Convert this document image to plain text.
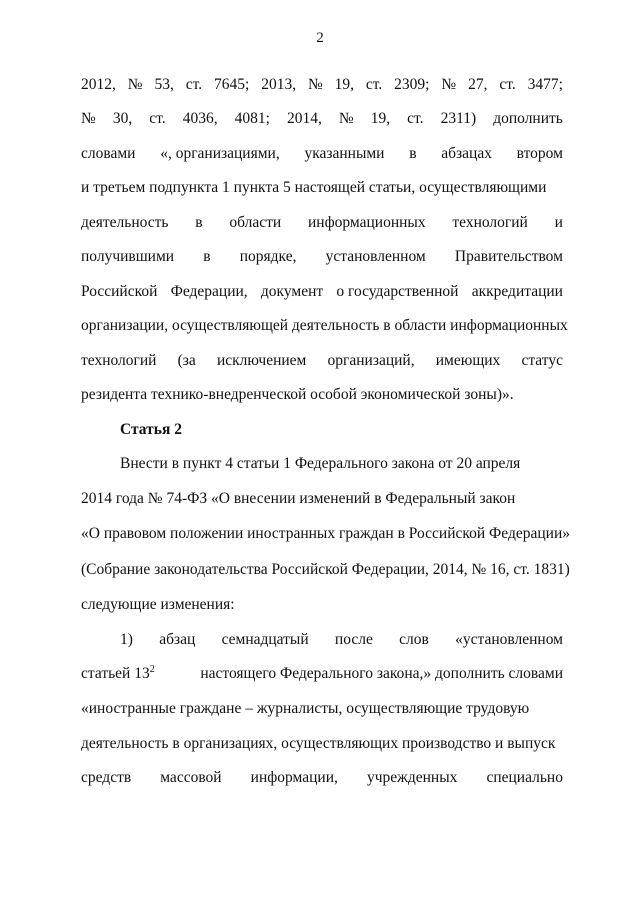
2
2012, № 53, ст. 7645; 2013, № 19, ст. 2309; № 27, ст. 3477;
№ 30, ст. 4036, 4081; 2014, № 19, ст. 2311) дополнить
словами «, организациями, указанными в абзацах втором
и третьем подпункта 1 пункта 5 настоящей статьи, осуществляющими
деятельность в области информационных технологий и
получившими в порядке, установленном Правительством
Российской Федерации, документ о государственной аккредитации
организации, осуществляющей деятельность в области информационных
технологий (за исключением организаций, имеющих статус
резидента технико-внедренческой особой экономической зоны)».
Статья 2
Внести в пункт 4 статьи 1 Федерального закона от 20 апреля
2014 года № 74-ФЗ «О внесении изменений в Федеральный закон
«О правовом положении иностранных граждан в Российской Федерации»
(Собрание законодательства Российской Федерации, 2014, № 16, ст. 1831)
следующие изменения:
1) абзац семнадцатый после слов «установленном
статьей $13^2$	настоящего Федерального закона,» дополнить словами
«иностранные граждане – журналисты, осуществляющие трудовую
деятельность в организациях, осуществляющих производство и выпуск
средств массовой информации, учрежденных специально
